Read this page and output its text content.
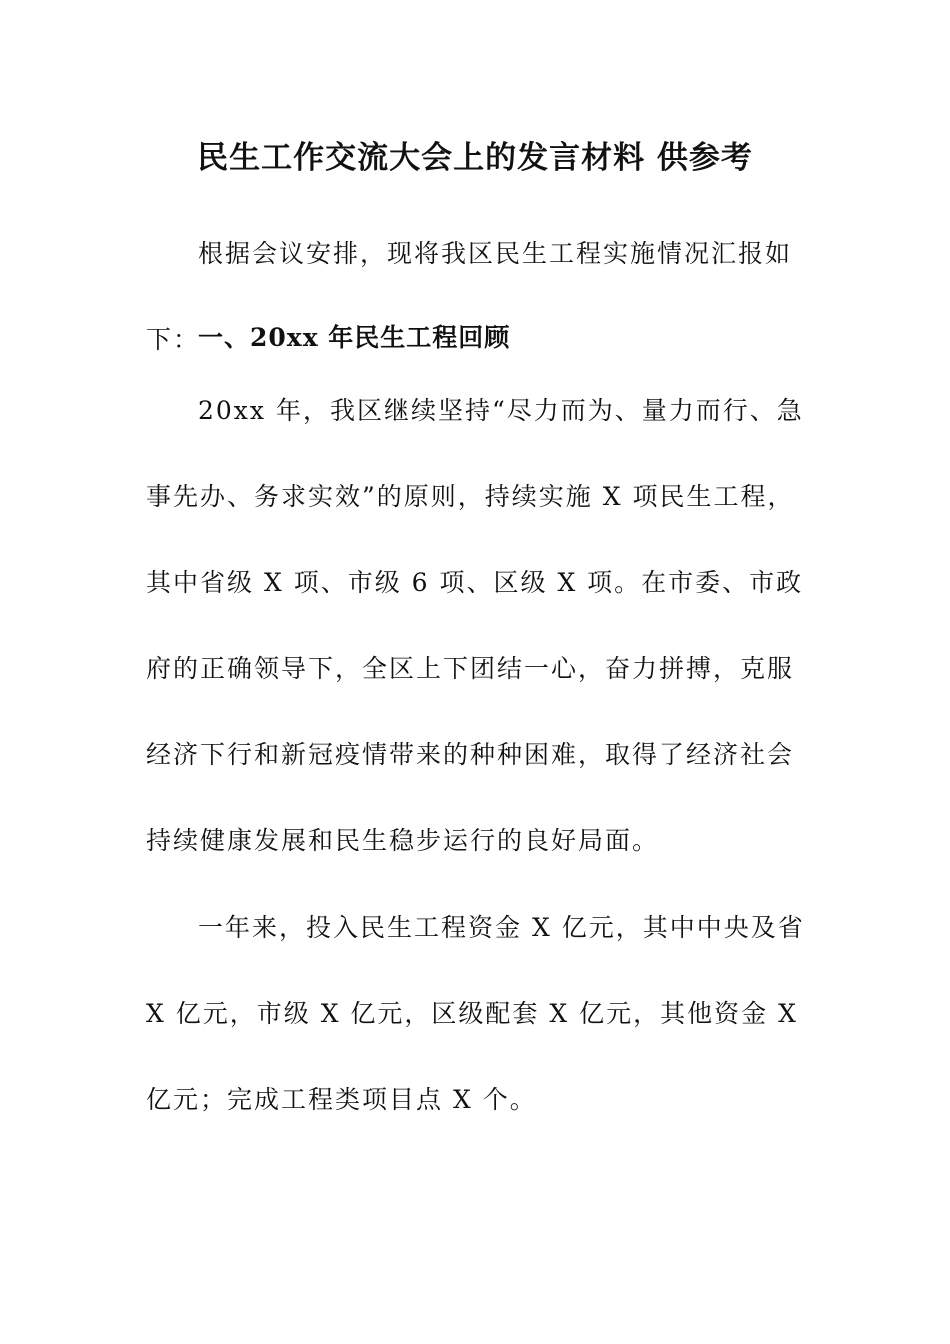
民生工作交流大会上的发言材料 供参考

根据会议安排，现将我区民生工程实施情况汇报如下：

一、20xx 年民生工程回顾

20xx 年，我区继续坚持“尽力而为、量力而行、急事先办、务求实效”的原则，持续实施 X 项民生工程，其中省级 X 项、市级 6 项、区级 X 项。在市委、市政府的正确领导下，全区上下团结一心，奋力拼搏，克服经济下行和新冠疫情带来的种种困难，取得了经济社会持续健康发展和民生稳步运行的良好局面。

一年来，投入民生工程资金 X 亿元，其中中央及省 X 亿元，市级 X 亿元，区级配套 X 亿元，其他资金 X 亿元；完成工程类项目点 X 个。
